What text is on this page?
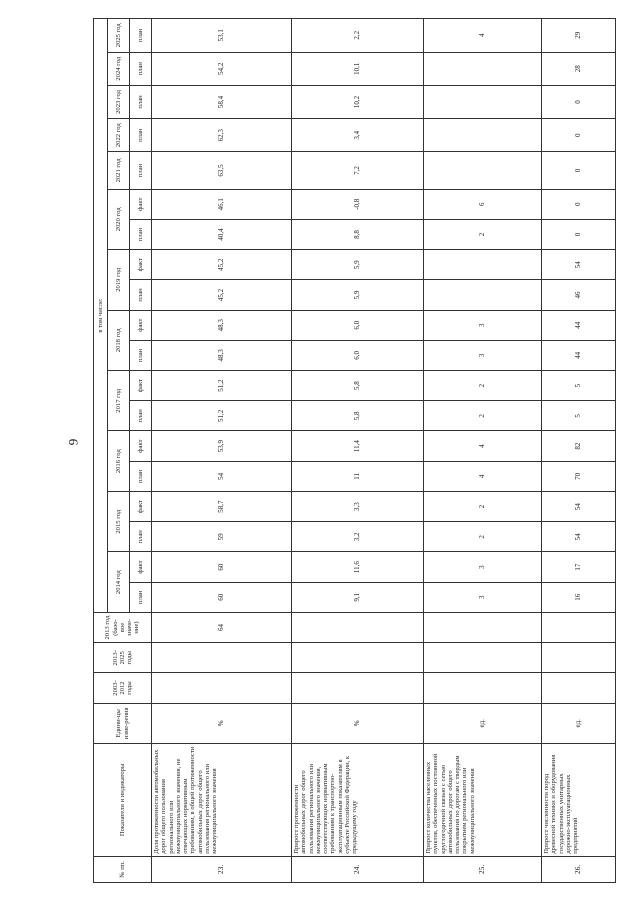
9
№ пп.	Показатели и индикаторы	Едини-цы изме-рения	2003-2012 годы	2013-2025 годы	2013 год (базо-вое значе-ние)	в том числе:																		
						2014 год		2015 год		2016 год		2017 год		2018 год		2019 год		2020 год		2021 год	2022 год	2023 год	2024 год	2025 год
						план	факт	план	факт	план	факт	план	факт	план	факт	план	факт	план	факт	план	план	план	план	план
23.	Доля протяженности автомобильных дорог общего пользования регионального или межмуниципального значения, не отвечающих нормативным требованиям, в общей протяженности автомобильных дорог общего пользования регионального или межмуниципального значения	%			64	60	60	59	58,7	54	53,9	51,2	51,2	48,3	48,3	45,2	45,2	40,4	46,1	63,5	62,3	58,4	54,2	53,1
24.	Прирост протяженности автомобильных дорог общего пользования регионального или межмуниципального значения, соответствующих нормативным требованиям к транспортно-эксплуатационным показателям в субъекте Российской Федерации, к предыдущему году	%				9,1	11,6	3,2	3,3	11	11,4	5,8	5,8	6,0	6,0	5,9	5,9	8,8	-0,8	7,2	3,4	10,2	10,1	2,2
25.	Прирост количества населенных пунктов, обеспеченных постоянной круглогодичной связью с сетью автомобильных дорог общего пользования по дорогам с твердым покрытием регионального или межмуниципального значения	ед.				3	3	2	2	4	4	2	2	3	3			2	6					4
26.	Прирост численности пород древесной техники и оборудования государственных унитарных дорожно-эксплуатационных предприятий	ед.				16	17	54	54	70	82	5	5	44	44	46	54	0	0	0	0	0	28	29
